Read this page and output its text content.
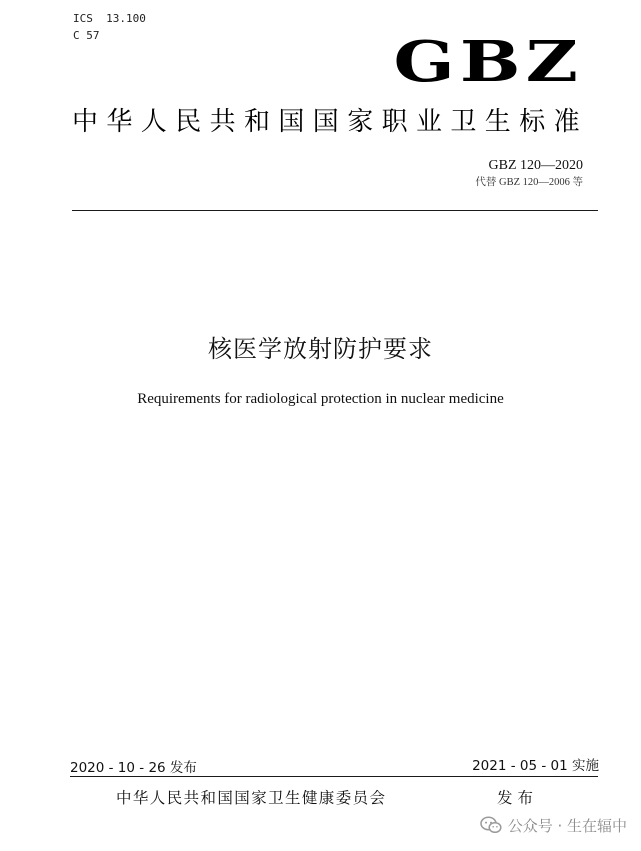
ICS  13.100
C 57	GBZ
中华人民共和国国家职业卫生标准
GBZ 120—2020
代替 GBZ 120—2006 等
核医学放射防护要求
Requirements for radiological protection in nuclear medicine
2020 - 10 - 26 发布	2021 - 05 - 01 实施
中华人民共和国国家卫生健康委员会	发布
公众号 · 生在辐中
